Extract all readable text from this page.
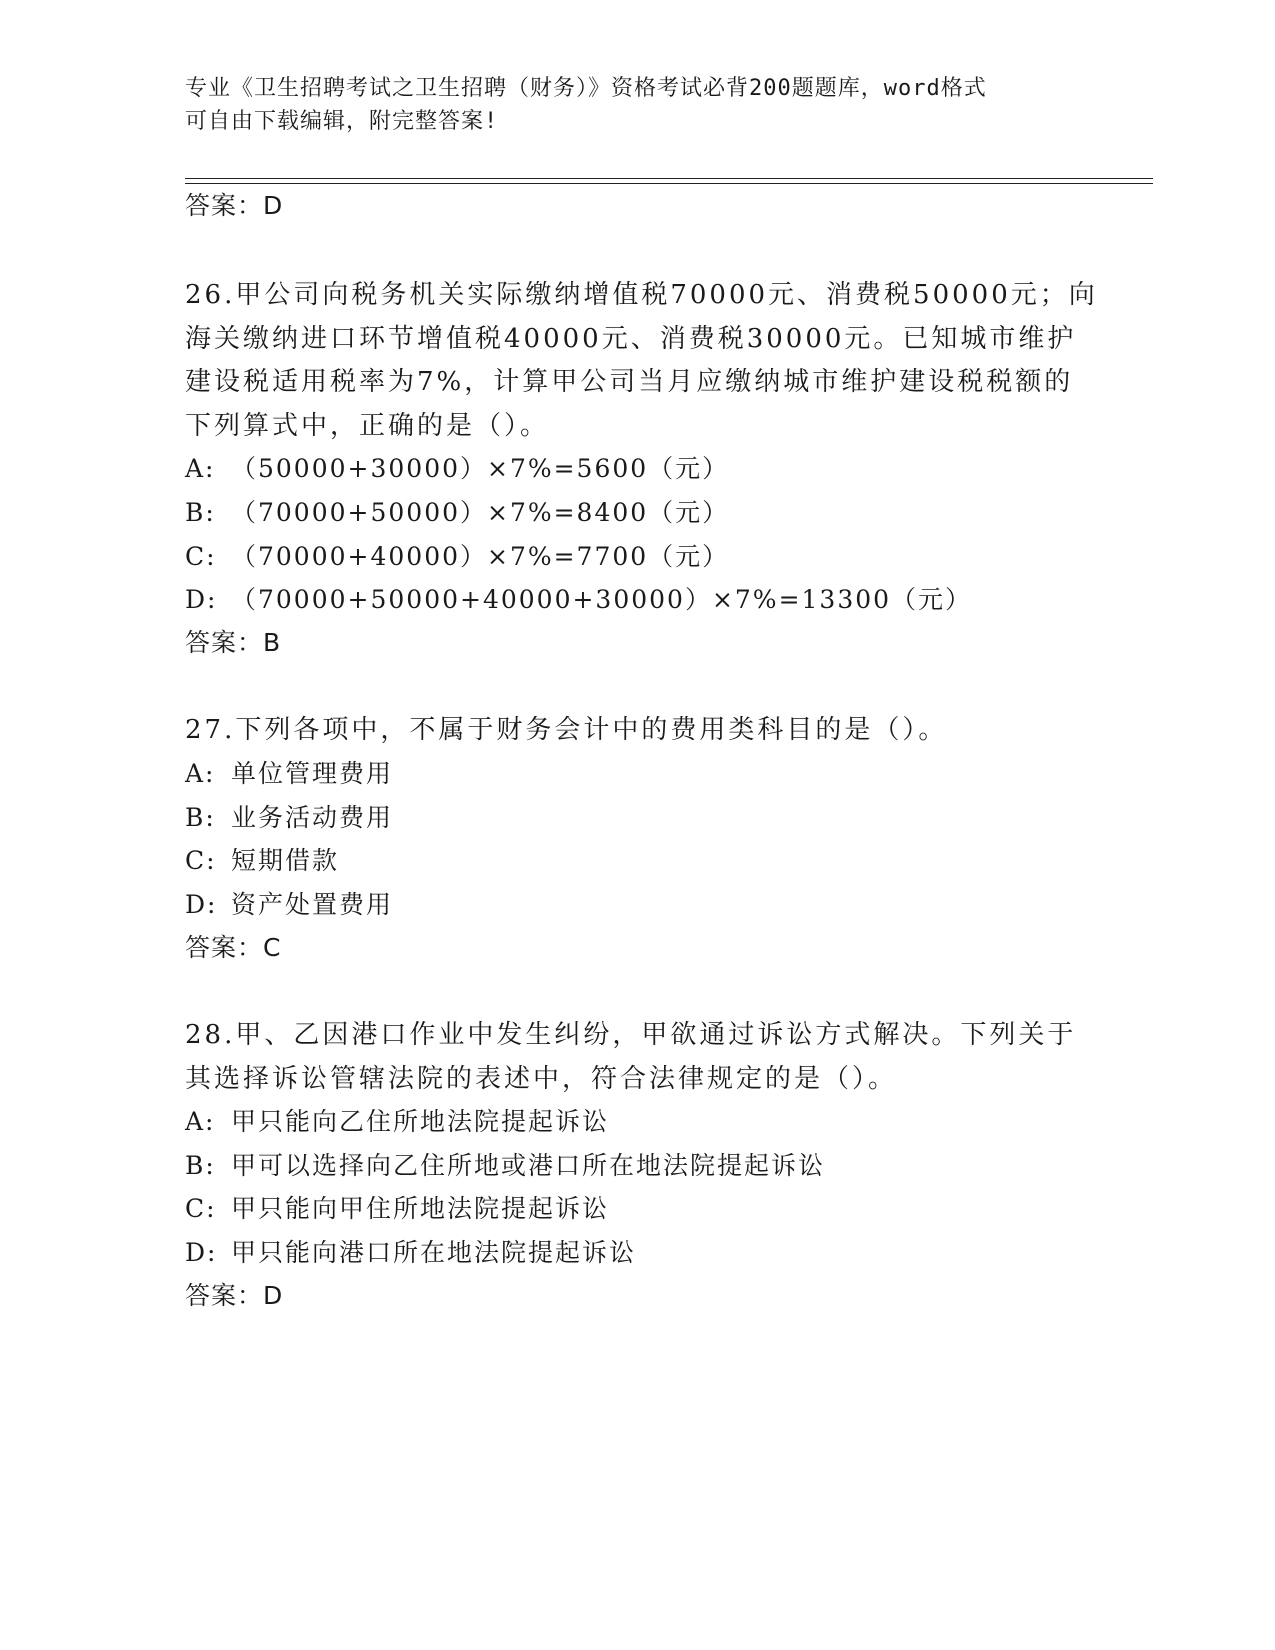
专业《卫生招聘考试之卫生招聘（财务）》资格考试必背200题题库，word格式
可自由下载编辑，附完整答案!
答案：D
26.甲公司向税务机关实际缴纳增值税70000元、消费税50000元；向
海关缴纳进口环节增值税40000元、消费税30000元。已知城市维护
建设税适用税率为7%，计算甲公司当月应缴纳城市维护建设税税额的
下列算式中，正确的是（）。
A: （50000+30000）×7%=5600（元）
B: （70000+50000）×7%=8400（元）
C: （70000+40000）×7%=7700（元）
D: （70000+50000+40000+30000）×7%=13300（元）
答案：B
27.下列各项中，不属于财务会计中的费用类科目的是（）。
A: 单位管理费用
B: 业务活动费用
C: 短期借款
D: 资产处置费用
答案：C
28.甲、乙因港口作业中发生纠纷，甲欲通过诉讼方式解决。下列关于
其选择诉讼管辖法院的表述中，符合法律规定的是（）。
A: 甲只能向乙住所地法院提起诉讼
B: 甲可以选择向乙住所地或港口所在地法院提起诉讼
C: 甲只能向甲住所地法院提起诉讼
D: 甲只能向港口所在地法院提起诉讼
答案：D
